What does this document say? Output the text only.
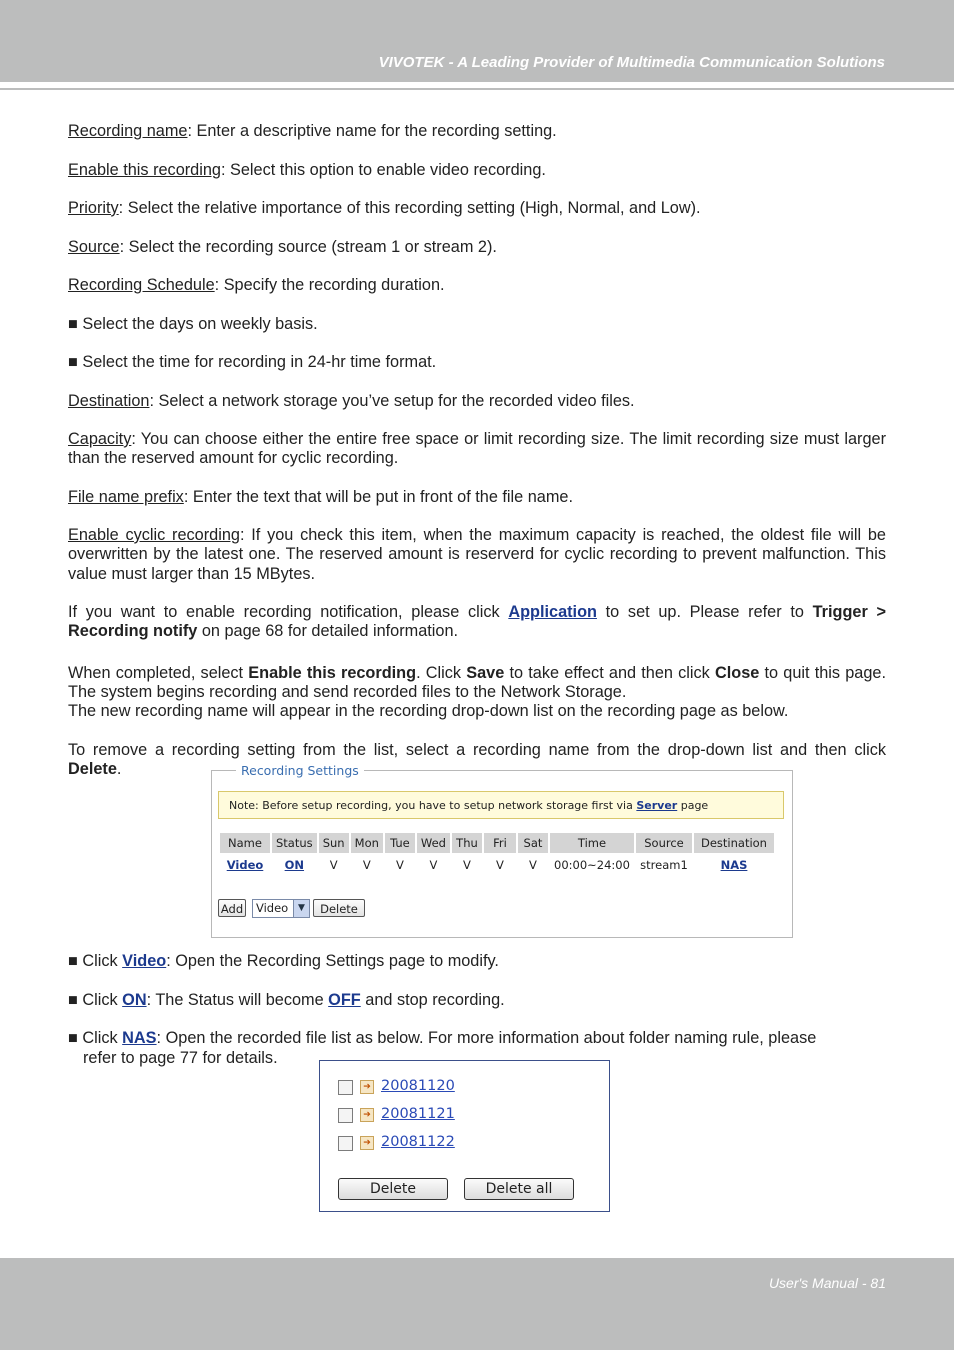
VIVOTEK - A Leading Provider of Multimedia Communication Solutions
Recording name: Enter a descriptive name for the recording setting.
Enable this recording: Select this option to enable video recording.
Priority: Select the relative importance of this recording setting (High, Normal, and Low).
Source: Select the recording source (stream 1 or stream 2).
Recording Schedule: Specify the recording duration.
■ Select the days on weekly basis.
■ Select the time for recording in 24-hr time format.
Destination: Select a network storage you’ve setup for the recorded video files.
Capacity: You can choose either the entire free space or limit recording size. The limit recording size must larger than the reserved amount for cyclic recording.
File name prefix: Enter the text that will be put in front of the file name.
Enable cyclic recording: If you check this item, when the maximum capacity is reached, the oldest file will be overwritten by the latest one. The reserved amount is reserverd for cyclic recording to prevent malfunction. This value must larger than 15 MBytes.
If you want to enable recording notification, please click Application to set up. Please refer to Trigger > Recording notify on page 68 for detailed information.
When completed, select Enable this recording. Click Save to take effect and then click Close to quit this page. The system begins recording and send recorded files to the Network Storage.
The new recording name will appear in the recording drop-down list on the recording page as below.
To remove a recording setting from the list, select a recording name from the drop-down list and then click Delete.	Recording Settings
Note: Before setup recording, you have to setup network storage first via Server page
Name	Status	Sun	Mon	Tue	Wed	Thu	Fri	Sat	Time	Source	Destination
Video	ON	V	V	V	V	V	V	V	00:00~24:00	stream1	NAS
Add	Video	▼	Delete
■ Click Video: Open the Recording Settings page to modify.
■ Click ON: The Status will become OFF and stop recording.
■ Click NAS: Open the recorded file list as below. For more information about folder naming rule, please
refer to page 77 for details.
➔ 20081120
➔ 20081121
➔ 20081122
Delete	Delete all
User's Manual - 81
